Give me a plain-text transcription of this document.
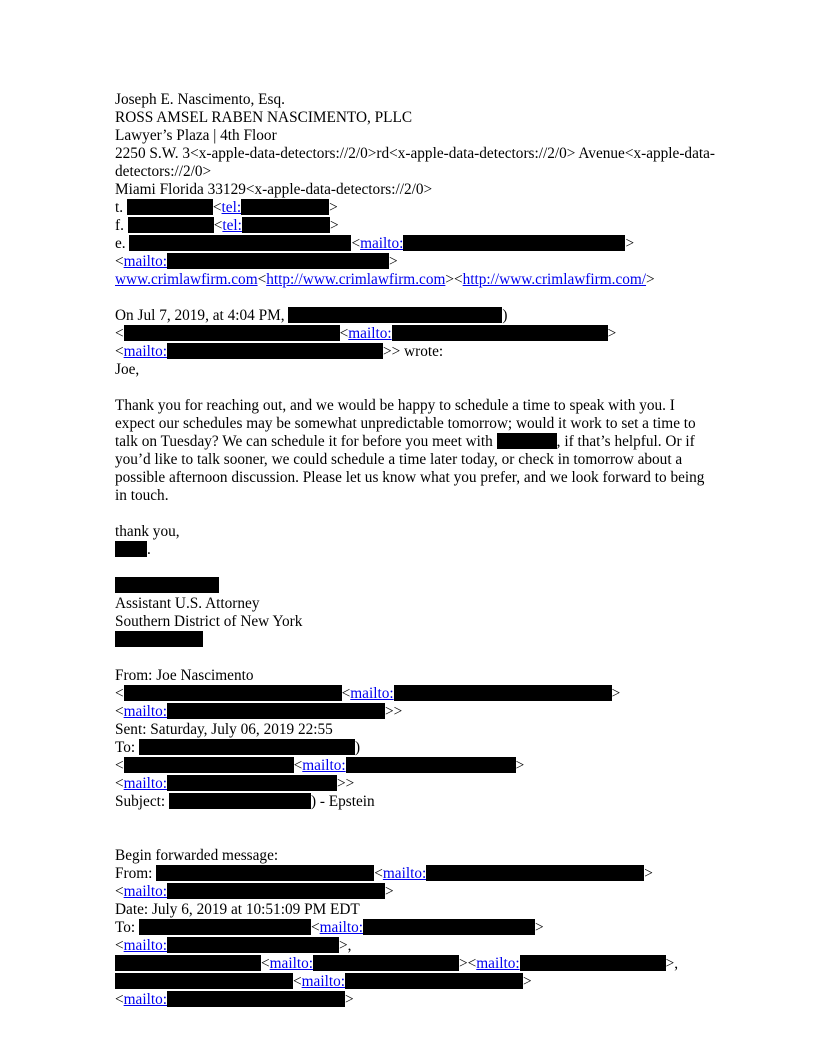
Joseph E. Nascimento, Esq.
ROSS AMSEL RABEN NASCIMENTO, PLLC
Lawyer’s Plaza | 4th Floor
2250 S.W. 3<x-apple-data-detectors://2/0>rd<x-apple-data-detectors://2/0> Avenue<x-apple-data-detectors://2/0>
Miami Florida 33129<x-apple-data-detectors://2/0>
t.	<tel:	>
f.	<tel:	>
e.	<mailto:	>
<mailto:	>
www.crimlawfirm.com<http://www.crimlawfirm.com><http://www.crimlawfirm.com/>
On Jul 7, 2019, at 4:04 PM,	)
<	<mailto:	>
<mailto:	>> wrote:
Joe,
Thank you for reaching out, and we would be happy to schedule a time to speak with you. I expect our schedules may be somewhat unpredictable tomorrow; would it work to set a time to talk on Tuesday? We can schedule it for before you meet with	, if that’s helpful. Or if you’d like to talk sooner, we could schedule a time later today, or check in tomorrow about a possible afternoon discussion. Please let us know what you prefer, and we look forward to being in touch.
thank you,
.
Assistant U.S. Attorney
Southern District of New York
From: Joe Nascimento
<	<mailto:	>
<mailto:	>>
Sent: Saturday, July 06, 2019 22:55
To:	)
<	<mailto:	>
<mailto:	>>
Subject:	) - Epstein
Begin forwarded message:
From:	<mailto:	>
<mailto:	>
Date: July 6, 2019 at 10:51:09 PM EDT
To:	<mailto:	>
<mailto:	>,
<mailto:	><mailto:	>,
<mailto:	>
<mailto:	>
